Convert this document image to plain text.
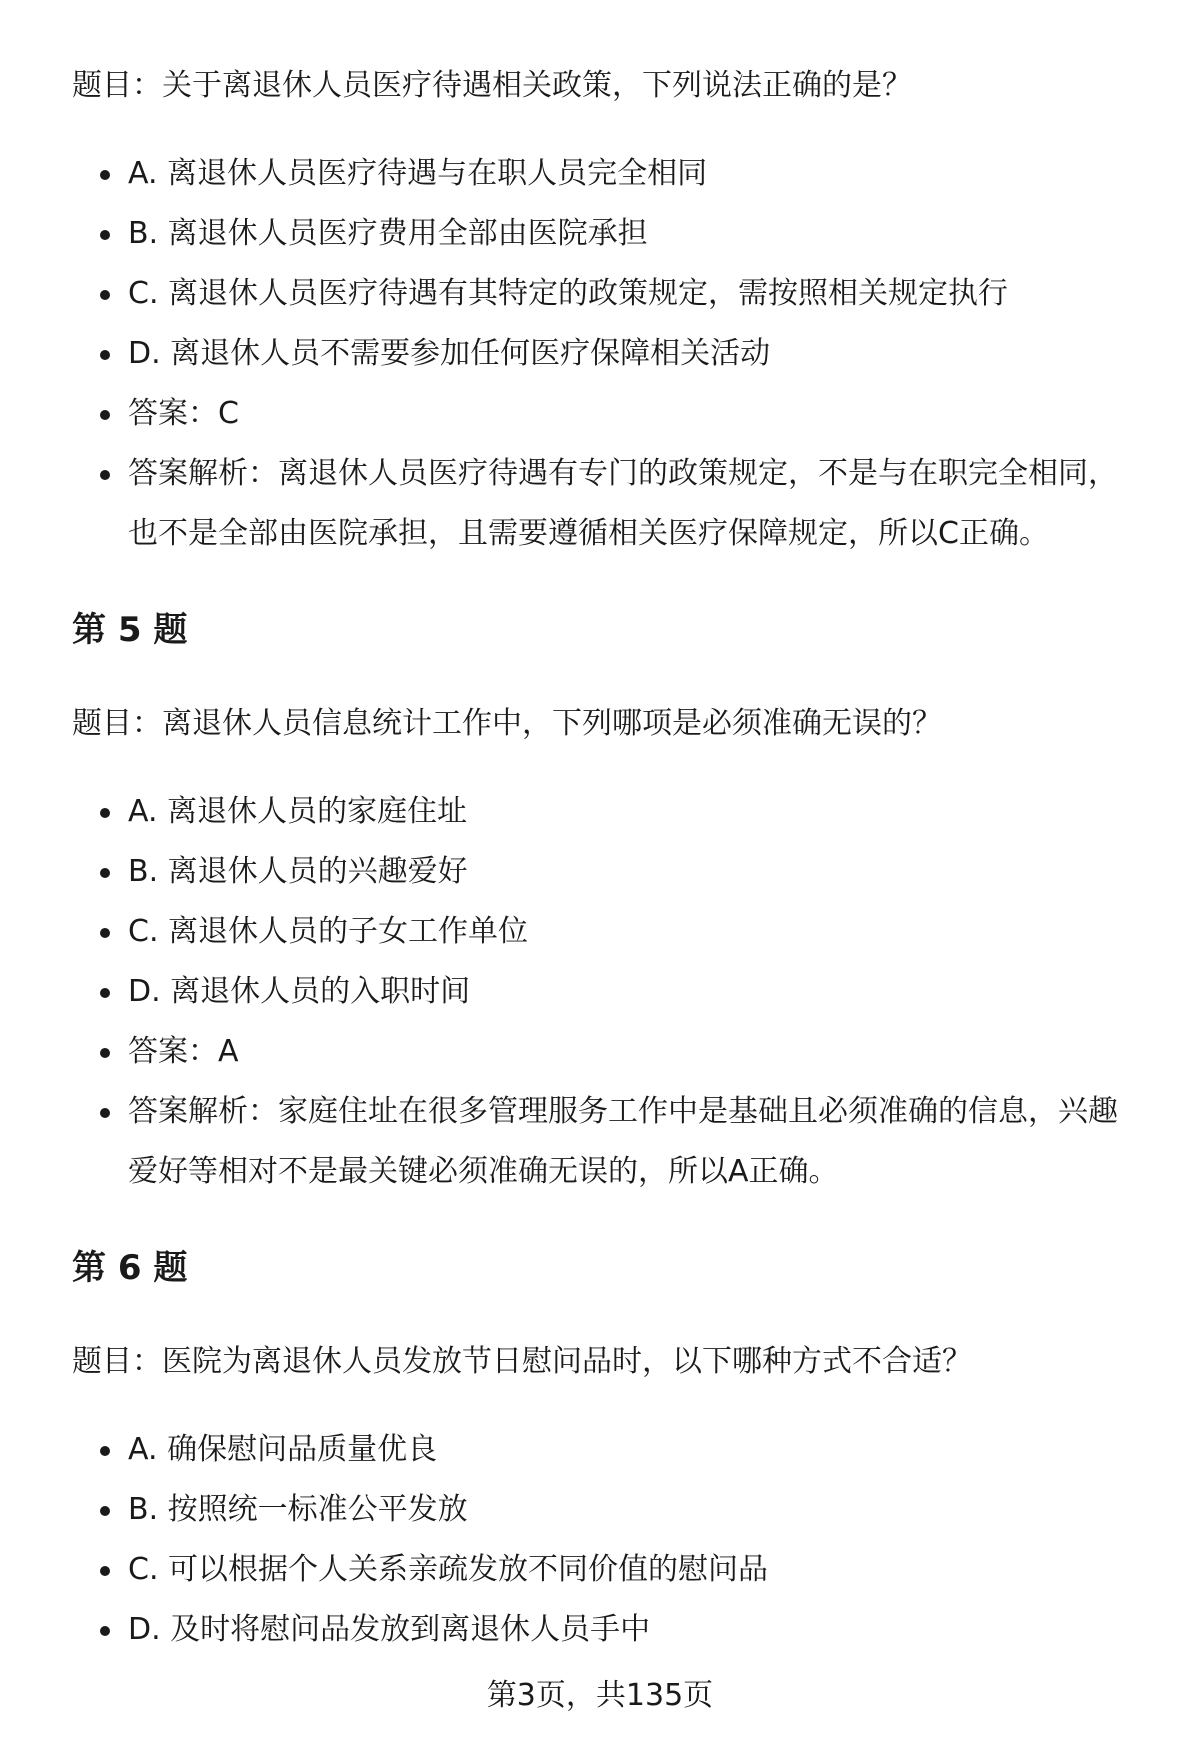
题目：关于离退休人员医疗待遇相关政策，下列说法正确的是？

A. 离退休人员医疗待遇与在职人员完全相同
B. 离退休人员医疗费用全部由医院承担
C. 离退休人员医疗待遇有其特定的政策规定，需按照相关规定执行
D. 离退休人员不需要参加任何医疗保障相关活动
答案：C
答案解析：离退休人员医疗待遇有专门的政策规定，不是与在职完全相同，也不是全部由医院承担，且需要遵循相关医疗保障规定，所以C正确。
第 5 题

题目：离退休人员信息统计工作中，下列哪项是必须准确无误的？

A. 离退休人员的家庭住址
B. 离退休人员的兴趣爱好
C. 离退休人员的子女工作单位
D. 离退休人员的入职时间
答案：A
答案解析：家庭住址在很多管理服务工作中是基础且必须准确的信息，兴趣爱好等相对不是最关键必须准确无误的，所以A正确。
第 6 题

题目：医院为离退休人员发放节日慰问品时，以下哪种方式不合适？

A. 确保慰问品质量优良
B. 按照统一标准公平发放
C. 可以根据个人关系亲疏发放不同价值的慰问品
D. 及时将慰问品发放到离退休人员手中
第3页，共135页
